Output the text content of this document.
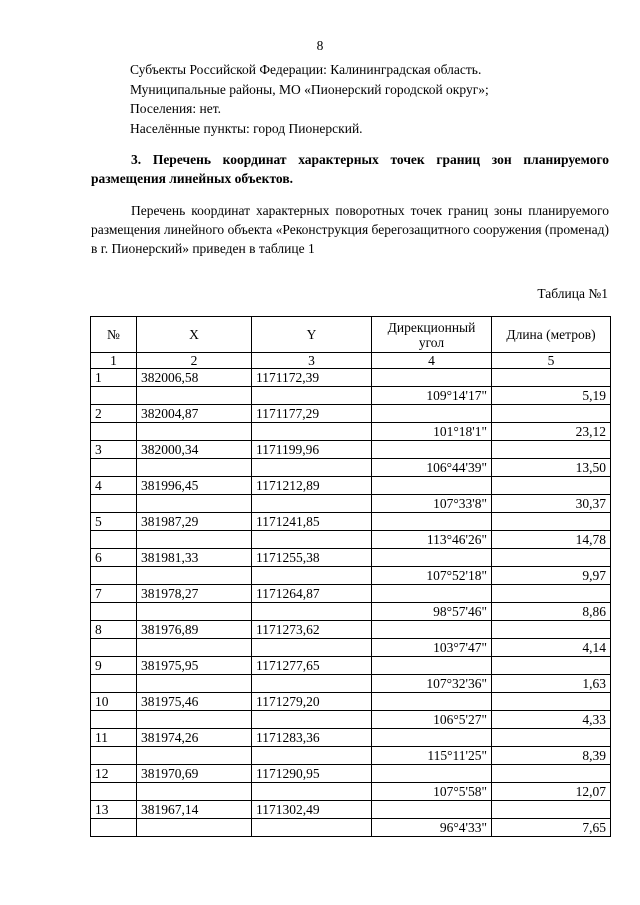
8
Субъекты Российской Федерации: Калининградская область.
Муниципальные районы, МО «Пионерский городской округ»;
Поселения: нет.
Населённые пункты: город Пионерский.
3. Перечень координат характерных точек границ зон планируемого размещения линейных объектов.
Перечень координат характерных поворотных точек границ зоны планируемого размещения линейного объекта «Реконструкция берегозащитного сооружения (променад) в г. Пионерский» приведен в таблице 1
Таблица №1
№	X	Y	Дирекционный угол	Длина (метров)
1	2	3	4	5
1	382006,58	1171172,39		
			109°14'17"	5,19
2	382004,87	1171177,29		
			101°18'1"	23,12
3	382000,34	1171199,96		
			106°44'39"	13,50
4	381996,45	1171212,89		
			107°33'8"	30,37
5	381987,29	1171241,85		
			113°46'26"	14,78
6	381981,33	1171255,38		
			107°52'18"	9,97
7	381978,27	1171264,87		
			98°57'46"	8,86
8	381976,89	1171273,62		
			103°7'47"	4,14
9	381975,95	1171277,65		
			107°32'36"	1,63
10	381975,46	1171279,20		
			106°5'27"	4,33
11	381974,26	1171283,36		
			115°11'25"	8,39
12	381970,69	1171290,95		
			107°5'58"	12,07
13	381967,14	1171302,49		
			96°4'33"	7,65
